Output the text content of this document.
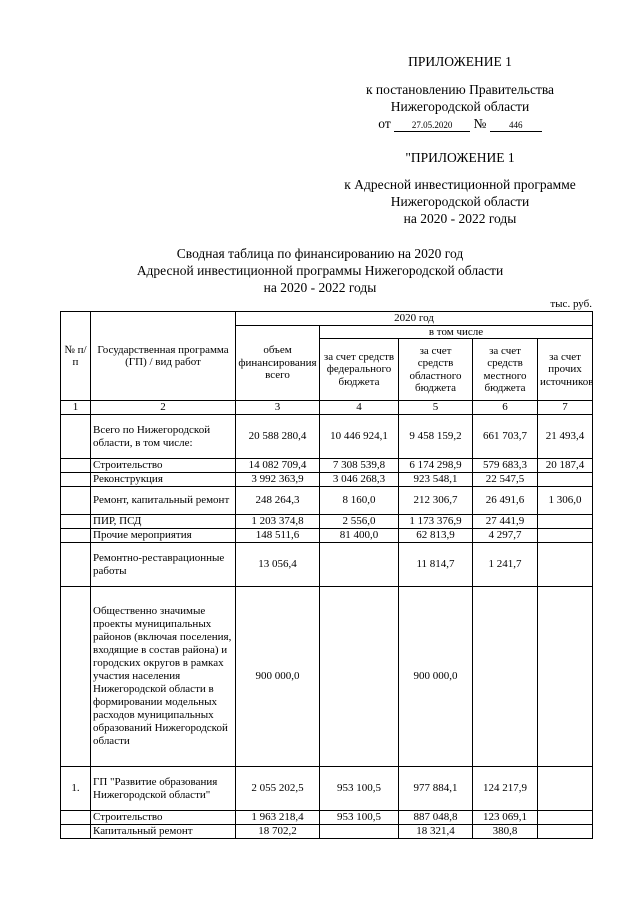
ПРИЛОЖЕНИЕ 1
к постановлению Правительства
Нижегородской области
от 27.05.2020 №	446
"ПРИЛОЖЕНИЕ 1
к Адресной инвестиционной программе
Нижегородской области
на 2020 - 2022 годы
Сводная таблица по финансированию на 2020 год
Адресной инвестиционной программы Нижегородской области
на 2020 - 2022 годы
тыс. руб.
№ п/п	Государственная программа (ГП) / вид работ	2020 год				
		объем финансирования всего	в том числе			
			за счет средств федерального бюджета	за счет средств областного бюджета	за счет средств местного бюджета	за счет прочих источников
1	2	3	4	5	6	7
	Всего по Нижегородской области, в том числе:	20 588 280,4	10 446 924,1	9 458 159,2	661 703,7	21 493,4
	Строительство	14 082 709,4	7 308 539,8	6 174 298,9	579 683,3	20 187,4
	Реконструкция	3 992 363,9	3 046 268,3	923 548,1	22 547,5	
	Ремонт, капитальный ремонт	248 264,3	8 160,0	212 306,7	26 491,6	1 306,0
	ПИР, ПСД	1 203 374,8	2 556,0	1 173 376,9	27 441,9	
	Прочие мероприятия	148 511,6	81 400,0	62 813,9	4 297,7	
	Ремонтно-реставрационные работы	13 056,4		11 814,7	1 241,7	
	Общественно значимые проекты муниципальных районов (включая поселения, входящие в состав района) и городских округов в рамках участия населения Нижегородской области в формировании модельных расходов муниципальных образований Нижегородской области	900 000,0		900 000,0		
1.	ГП "Развитие образования Нижегородской области"	2 055 202,5	953 100,5	977 884,1	124 217,9	
	Строительство	1 963 218,4	953 100,5	887 048,8	123 069,1	
	Капитальный ремонт	18 702,2		18 321,4	380,8	
